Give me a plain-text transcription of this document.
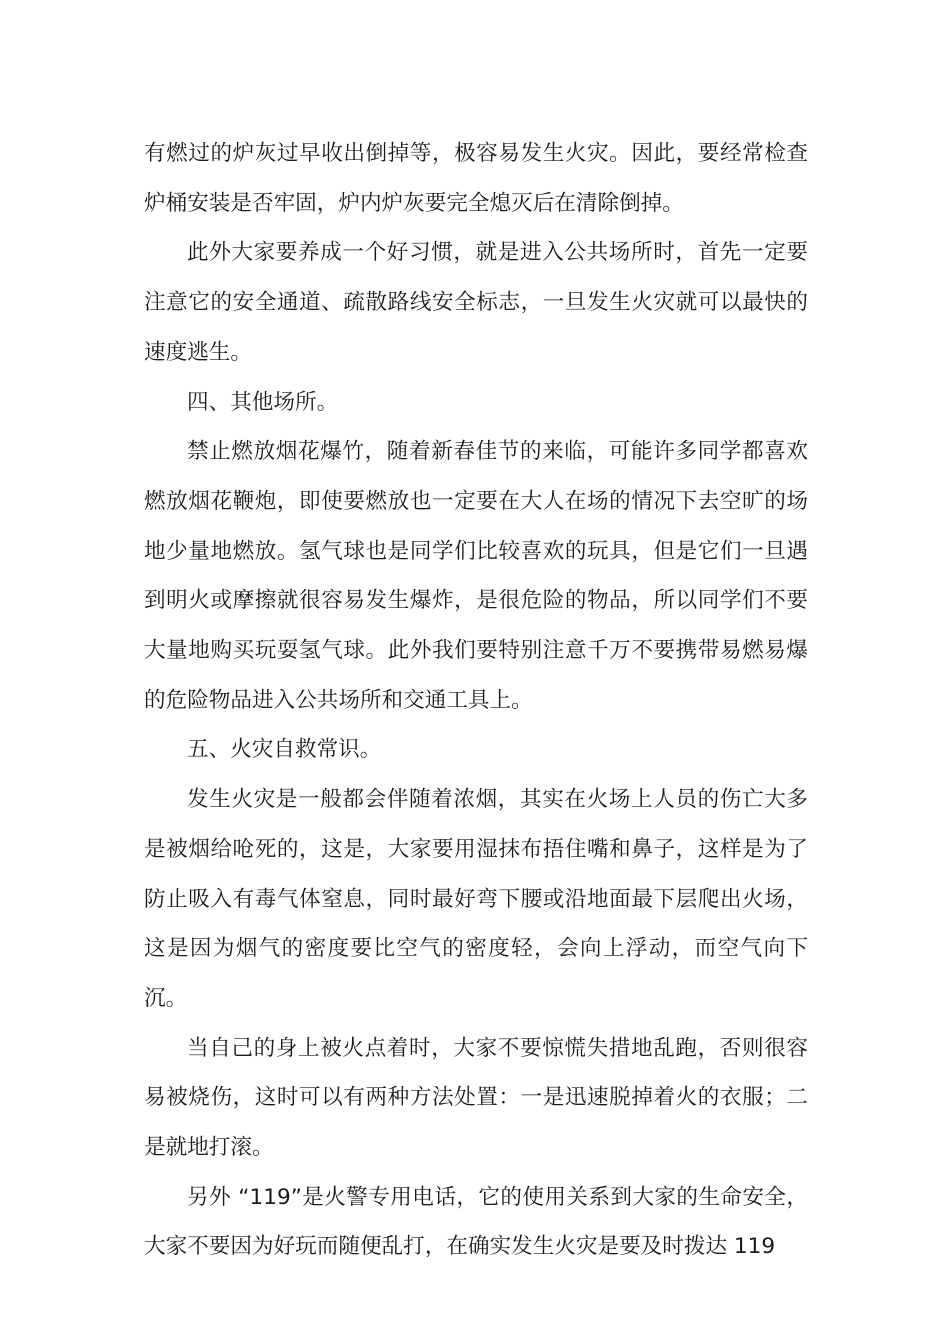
有燃过的炉灰过早收出倒掉等，极容易发生火灾。因此，要经常检查炉桶安装是否牢固，炉内炉灰要完全熄灭后在清除倒掉。

此外大家要养成一个好习惯，就是进入公共场所时，首先一定要注意它的安全通道、疏散路线安全标志，一旦发生火灾就可以最快的速度逃生。

四、其他场所。

禁止燃放烟花爆竹，随着新春佳节的来临，可能许多同学都喜欢燃放烟花鞭炮，即使要燃放也一定要在大人在场的情况下去空旷的场地少量地燃放。氢气球也是同学们比较喜欢的玩具，但是它们一旦遇到明火或摩擦就很容易发生爆炸，是很危险的物品，所以同学们不要大量地购买玩耍氢气球。此外我们要特别注意千万不要携带易燃易爆的危险物品进入公共场所和交通工具上。

五、火灾自救常识。

发生火灾是一般都会伴随着浓烟，其实在火场上人员的伤亡大多是被烟给呛死的，这是，大家要用湿抹布捂住嘴和鼻子，这样是为了防止吸入有毒气体窒息，同时最好弯下腰或沿地面最下层爬出火场，这是因为烟气的密度要比空气的密度轻，会向上浮动，而空气向下沉。

当自己的身上被火点着时，大家不要惊慌失措地乱跑，否则很容易被烧伤，这时可以有两种方法处置：一是迅速脱掉着火的衣服；二是就地打滚。

另外 “119”是火警专用电话，它的使用关系到大家的生命安全，大家不要因为好玩而随便乱打，在确实发生火灾是要及时拨达 119
